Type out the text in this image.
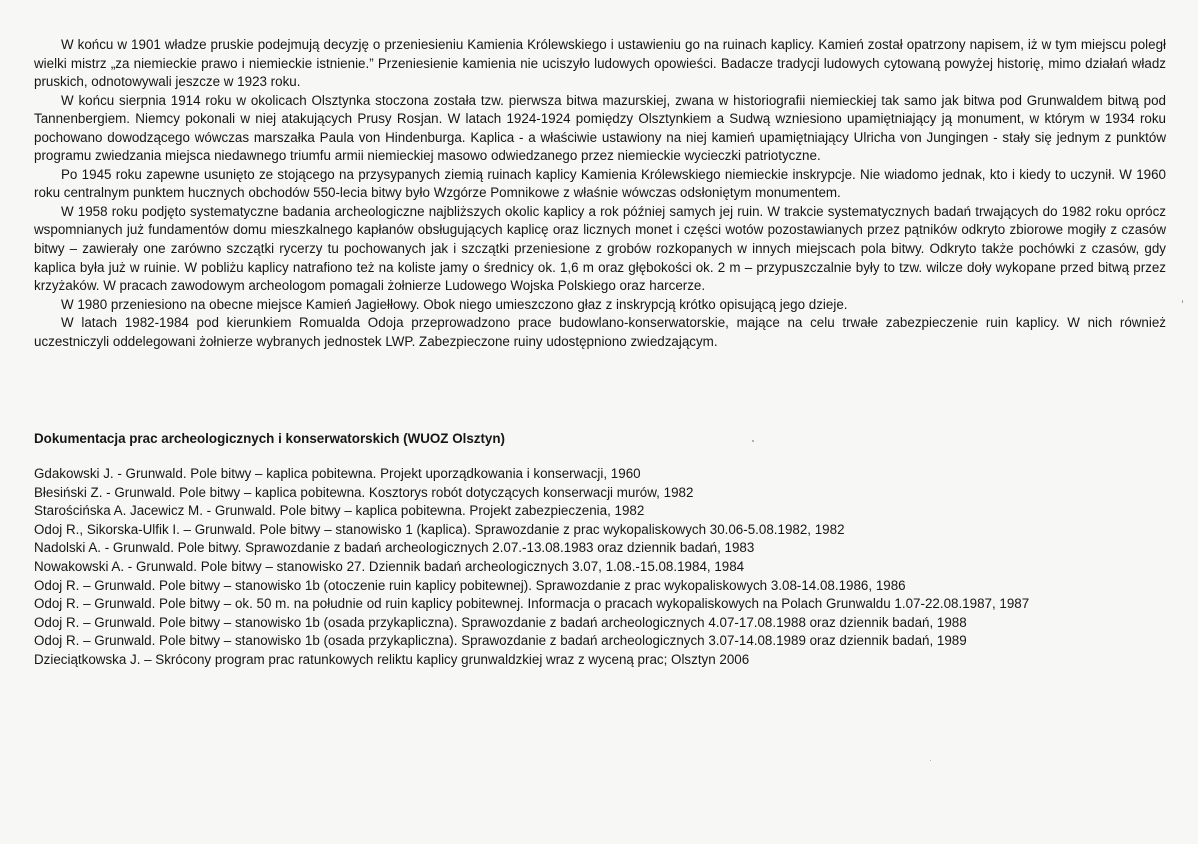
W końcu w 1901 władze pruskie podejmują decyzję o przeniesieniu Kamienia Królewskiego i ustawieniu go na ruinach kaplicy. Kamień został opatrzony napisem, iż w tym miejscu poległ wielki mistrz „za niemieckie prawo i niemieckie istnienie.” Przeniesienie kamienia nie uciszyło ludowych opowieści. Badacze tradycji ludowych cytowaną powyżej historię, mimo działań władz pruskich, odnotowywali jeszcze w 1923 roku.

W końcu sierpnia 1914 roku w okolicach Olsztynka stoczona została tzw. pierwsza bitwa mazurskiej, zwana w historiografii niemieckiej tak samo jak bitwa pod Grunwaldem bitwą pod Tannenbergiem. Niemcy pokonali w niej atakujących Prusy Rosjan. W latach 1924-1924 pomiędzy Olsztynkiem a Sudwą wzniesiono upamiętniający ją monument, w którym w 1934 roku pochowano dowodzącego wówczas marszałka Paula von Hindenburga. Kaplica - a właściwie ustawiony na niej kamień upamiętniający Ulricha von Jungingen - stały się jednym z punktów programu zwiedzania miejsca niedawnego triumfu armii niemieckiej masowo odwiedzanego przez niemieckie wycieczki patriotyczne.

Po 1945 roku zapewne usunięto ze stojącego na przysypanych ziemią ruinach kaplicy Kamienia Królewskiego niemieckie inskrypcje. Nie wiadomo jednak, kto i kiedy to uczynił. W 1960 roku centralnym punktem hucznych obchodów 550-lecia bitwy było Wzgórze Pomnikowe z właśnie wówczas odsłoniętym monumentem.

W 1958 roku podjęto systematyczne badania archeologiczne najbliższych okolic kaplicy a rok później samych jej ruin. W trakcie systematycznych badań trwających do 1982 roku oprócz wspomnianych już fundamentów domu mieszkalnego kapłanów obsługujących kaplicę oraz licznych monet i części wotów pozostawianych przez pątników odkryto zbiorowe mogiły z czasów bitwy – zawierały one zarówno szczątki rycerzy tu pochowanych jak i szczątki przeniesione z grobów rozkopanych w innych miejscach pola bitwy. Odkryto także pochówki z czasów, gdy kaplica była już w ruinie. W pobliżu kaplicy natrafiono też na koliste jamy o średnicy ok. 1,6 m oraz głębokości ok. 2 m – przypuszczalnie były to tzw. wilcze doły wykopane przed bitwą przez krzyżaków. W pracach zawodowym archeologom pomagali żołnierze Ludowego Wojska Polskiego oraz harcerze.

W 1980 przeniesiono na obecne miejsce Kamień Jagiełłowy. Obok niego umieszczono głaz z inskrypcją krótko opisującą jego dzieje.

W latach 1982-1984 pod kierunkiem Romualda Odoja przeprowadzono prace budowlano-konserwatorskie, mające na celu trwałe zabezpieczenie ruin kaplicy. W nich również uczestniczyli oddelegowani żołnierze wybranych jednostek LWP. Zabezpieczone ruiny udostępniono zwiedzającym.

Dokumentacja prac archeologicznych i konserwatorskich (WUOZ Olsztyn)
Gdakowski J. - Grunwald. Pole bitwy – kaplica pobitewna. Projekt uporządkowania i konserwacji, 1960
Błesiński Z. - Grunwald. Pole bitwy – kaplica pobitewna. Kosztorys robót dotyczących konserwacji murów, 1982
Starościńska A. Jacewicz M. - Grunwald. Pole bitwy – kaplica pobitewna. Projekt zabezpieczenia, 1982
Odoj R., Sikorska-Ulfik I. – Grunwald. Pole bitwy – stanowisko 1 (kaplica). Sprawozdanie z prac wykopaliskowych 30.06-5.08.1982, 1982
Nadolski A. - Grunwald. Pole bitwy. Sprawozdanie z badań archeologicznych 2.07.-13.08.1983 oraz dziennik badań, 1983
Nowakowski A. - Grunwald. Pole bitwy – stanowisko 27. Dziennik badań archeologicznych 3.07, 1.08.-15.08.1984, 1984
Odoj R. – Grunwald. Pole bitwy – stanowisko 1b (otoczenie ruin kaplicy pobitewnej). Sprawozdanie z prac wykopaliskowych 3.08-14.08.1986, 1986
Odoj R. – Grunwald. Pole bitwy – ok. 50 m. na południe od ruin kaplicy pobitewnej. Informacja o pracach wykopaliskowych na Polach Grunwaldu 1.07-22.08.1987, 1987
Odoj R. – Grunwald. Pole bitwy – stanowisko 1b (osada przykapliczna). Sprawozdanie z badań archeologicznych 4.07-17.08.1988 oraz dziennik badań, 1988
Odoj R. – Grunwald. Pole bitwy – stanowisko 1b (osada przykapliczna). Sprawozdanie z badań archeologicznych 3.07-14.08.1989 oraz dziennik badań, 1989
Dzieciątkowska J. – Skrócony program prac ratunkowych reliktu kaplicy grunwaldzkiej wraz z wyceną prac; Olsztyn 2006
